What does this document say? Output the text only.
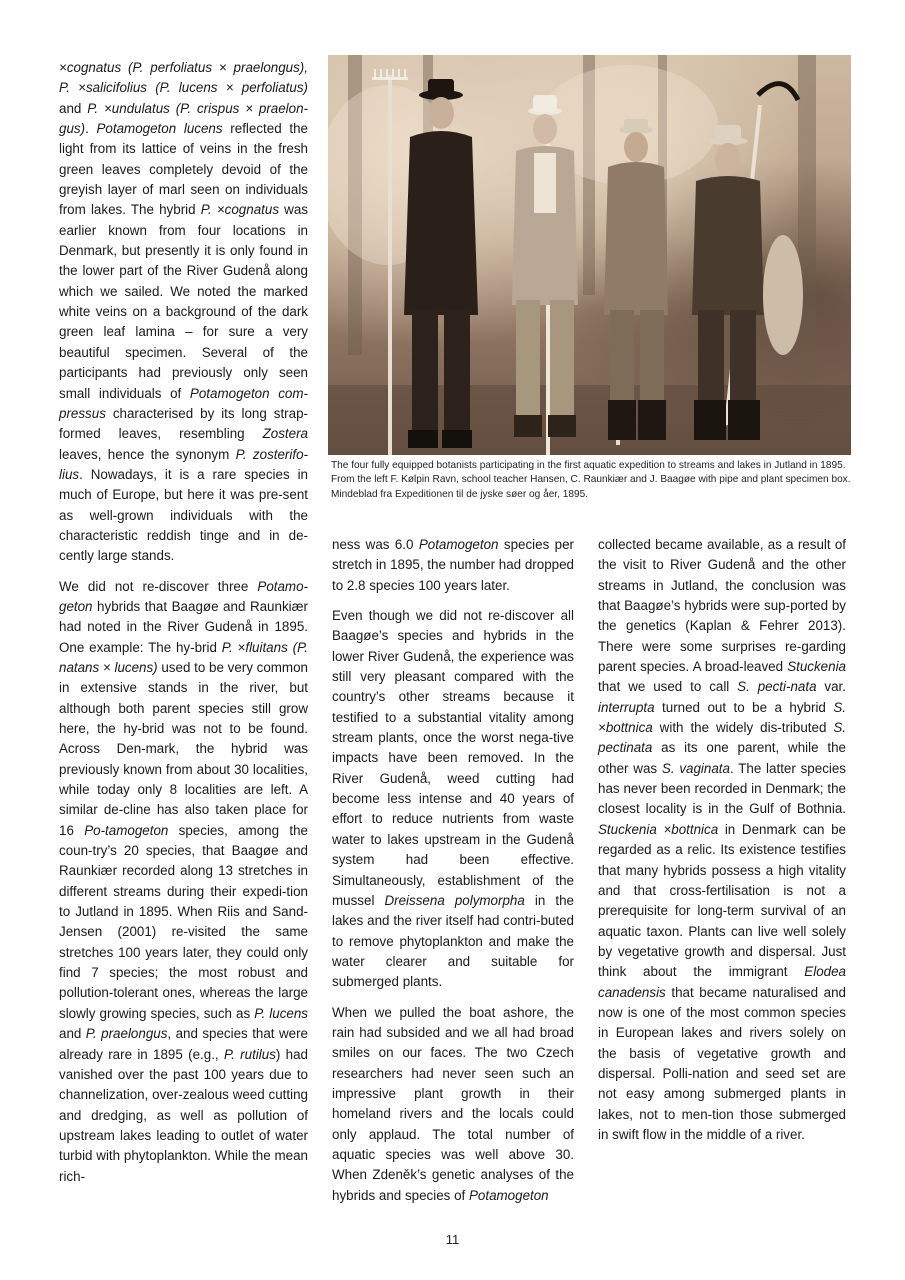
×cognatus (P. perfoliatus × praelongus), P. ×salicifolius (P. lucens × perfoliatus) and P. ×undulatus (P. crispus × praelon-gus). Potamogeton lucens reflected the light from its lattice of veins in the fresh green leaves completely devoid of the greyish layer of marl seen on individuals from lakes. The hybrid P. ×cognatus was earlier known from four locations in Denmark, but presently it is only found in the lower part of the River Gudenå along which we sailed. We noted the marked white veins on a background of the dark green leaf lamina – for sure a very beautiful specimen. Several of the participants had previously only seen small individuals of Potamogeton com-pressus characterised by its long strap-formed leaves, resembling Zostera leaves, hence the synonym P. zosterifo-lius. Nowadays, it is a rare species in much of Europe, but here it was pre-sent as well-grown individuals with the characteristic reddish tinge and in de-cently large stands.

We did not re-discover three Potamo-geton hybrids that Baagøe and Raunkiær had noted in the River Gudenå in 1895. One example: The hy-brid P. ×fluitans (P. natans × lucens) used to be very common in extensive stands in the river, but although both parent species still grow here, the hy-brid was not to be found. Across Den-mark, the hybrid was previously known from about 30 localities, while today only 8 localities are left. A similar de-cline has also taken place for 16 Po-tamogeton species, among the coun-try’s 20 species, that Baagøe and Raunkiær recorded along 13 stretches in different streams during their expedi-tion to Jutland in 1895. When Riis and Sand-Jensen (2001) re-visited the same stretches 100 years later, they could only find 7 species; the most robust and pollution-tolerant ones, whereas the large slowly growing species, such as P. lucens and P. praelongus, and species that were already rare in 1895 (e.g., P. rutilus) had vanished over the past 100 years due to channelization, over-zealous weed cutting and dredging, as well as pollution of upstream lakes leading to outlet of water turbid with phytoplankton. While the mean rich-

The four fully equipped botanists participating in the first aquatic expedition to streams and lakes in Jutland in 1895. From the left F. Kølpin Ravn, school teacher Hansen, C. Raunkiær and J. Baagøe with pipe and plant specimen box. Mindeblad fra Expeditionen til de jyske søer og åer, 1895.

ness was 6.0 Potamogeton species per stretch in 1895, the number had dropped to 2.8 species 100 years later.

Even though we did not re-discover all Baagøe’s species and hybrids in the lower River Gudenå, the experience was still very pleasant compared with the country’s other streams because it testified to a substantial vitality among stream plants, once the worst nega-tive impacts have been removed. In the River Gudenå, weed cutting had become less intense and 40 years of effort to reduce nutrients from waste water to lakes upstream in the Gudenå system had been effective. Simultaneously, establishment of the mussel Dreissena polymorpha in the lakes and the river itself had contri-buted to remove phytoplankton and make the water clearer and suitable for submerged plants.

When we pulled the boat ashore, the rain had subsided and we all had broad smiles on our faces. The two Czech researchers had never seen such an impressive plant growth in their homeland rivers and the locals could only applaud. The total number of aquatic species was well above 30. When Zdeněk’s genetic analyses of the hybrids and species of Potamogeton

collected became available, as a result of the visit to River Gudenå and the other streams in Jutland, the conclusion was that Baagøe’s hybrids were sup-ported by the genetics (Kaplan & Fehrer 2013). There were some surprises re-garding parent species. A broad-leaved Stuckenia that we used to call S. pecti-nata var. interrupta turned out to be a hybrid S. ×bottnica with the widely dis-tributed S. pectinata as its one parent, while the other was S. vaginata. The latter species has never been recorded in Denmark; the closest locality is in the Gulf of Bothnia. Stuckenia ×bottnica in Denmark can be regarded as a relic. Its existence testifies that many hybrids possess a high vitality and that cross-fertilisation is not a prerequisite for long-term survival of an aquatic taxon. Plants can live well solely by vegetative growth and dispersal. Just think about the immigrant Elodea canadensis that became naturalised and now is one of the most common species in European lakes and rivers solely on the basis of vegetative growth and dispersal. Polli-nation and seed set are not easy among submerged plants in lakes, not to men-tion those submerged in swift flow in the middle of a river.

11
